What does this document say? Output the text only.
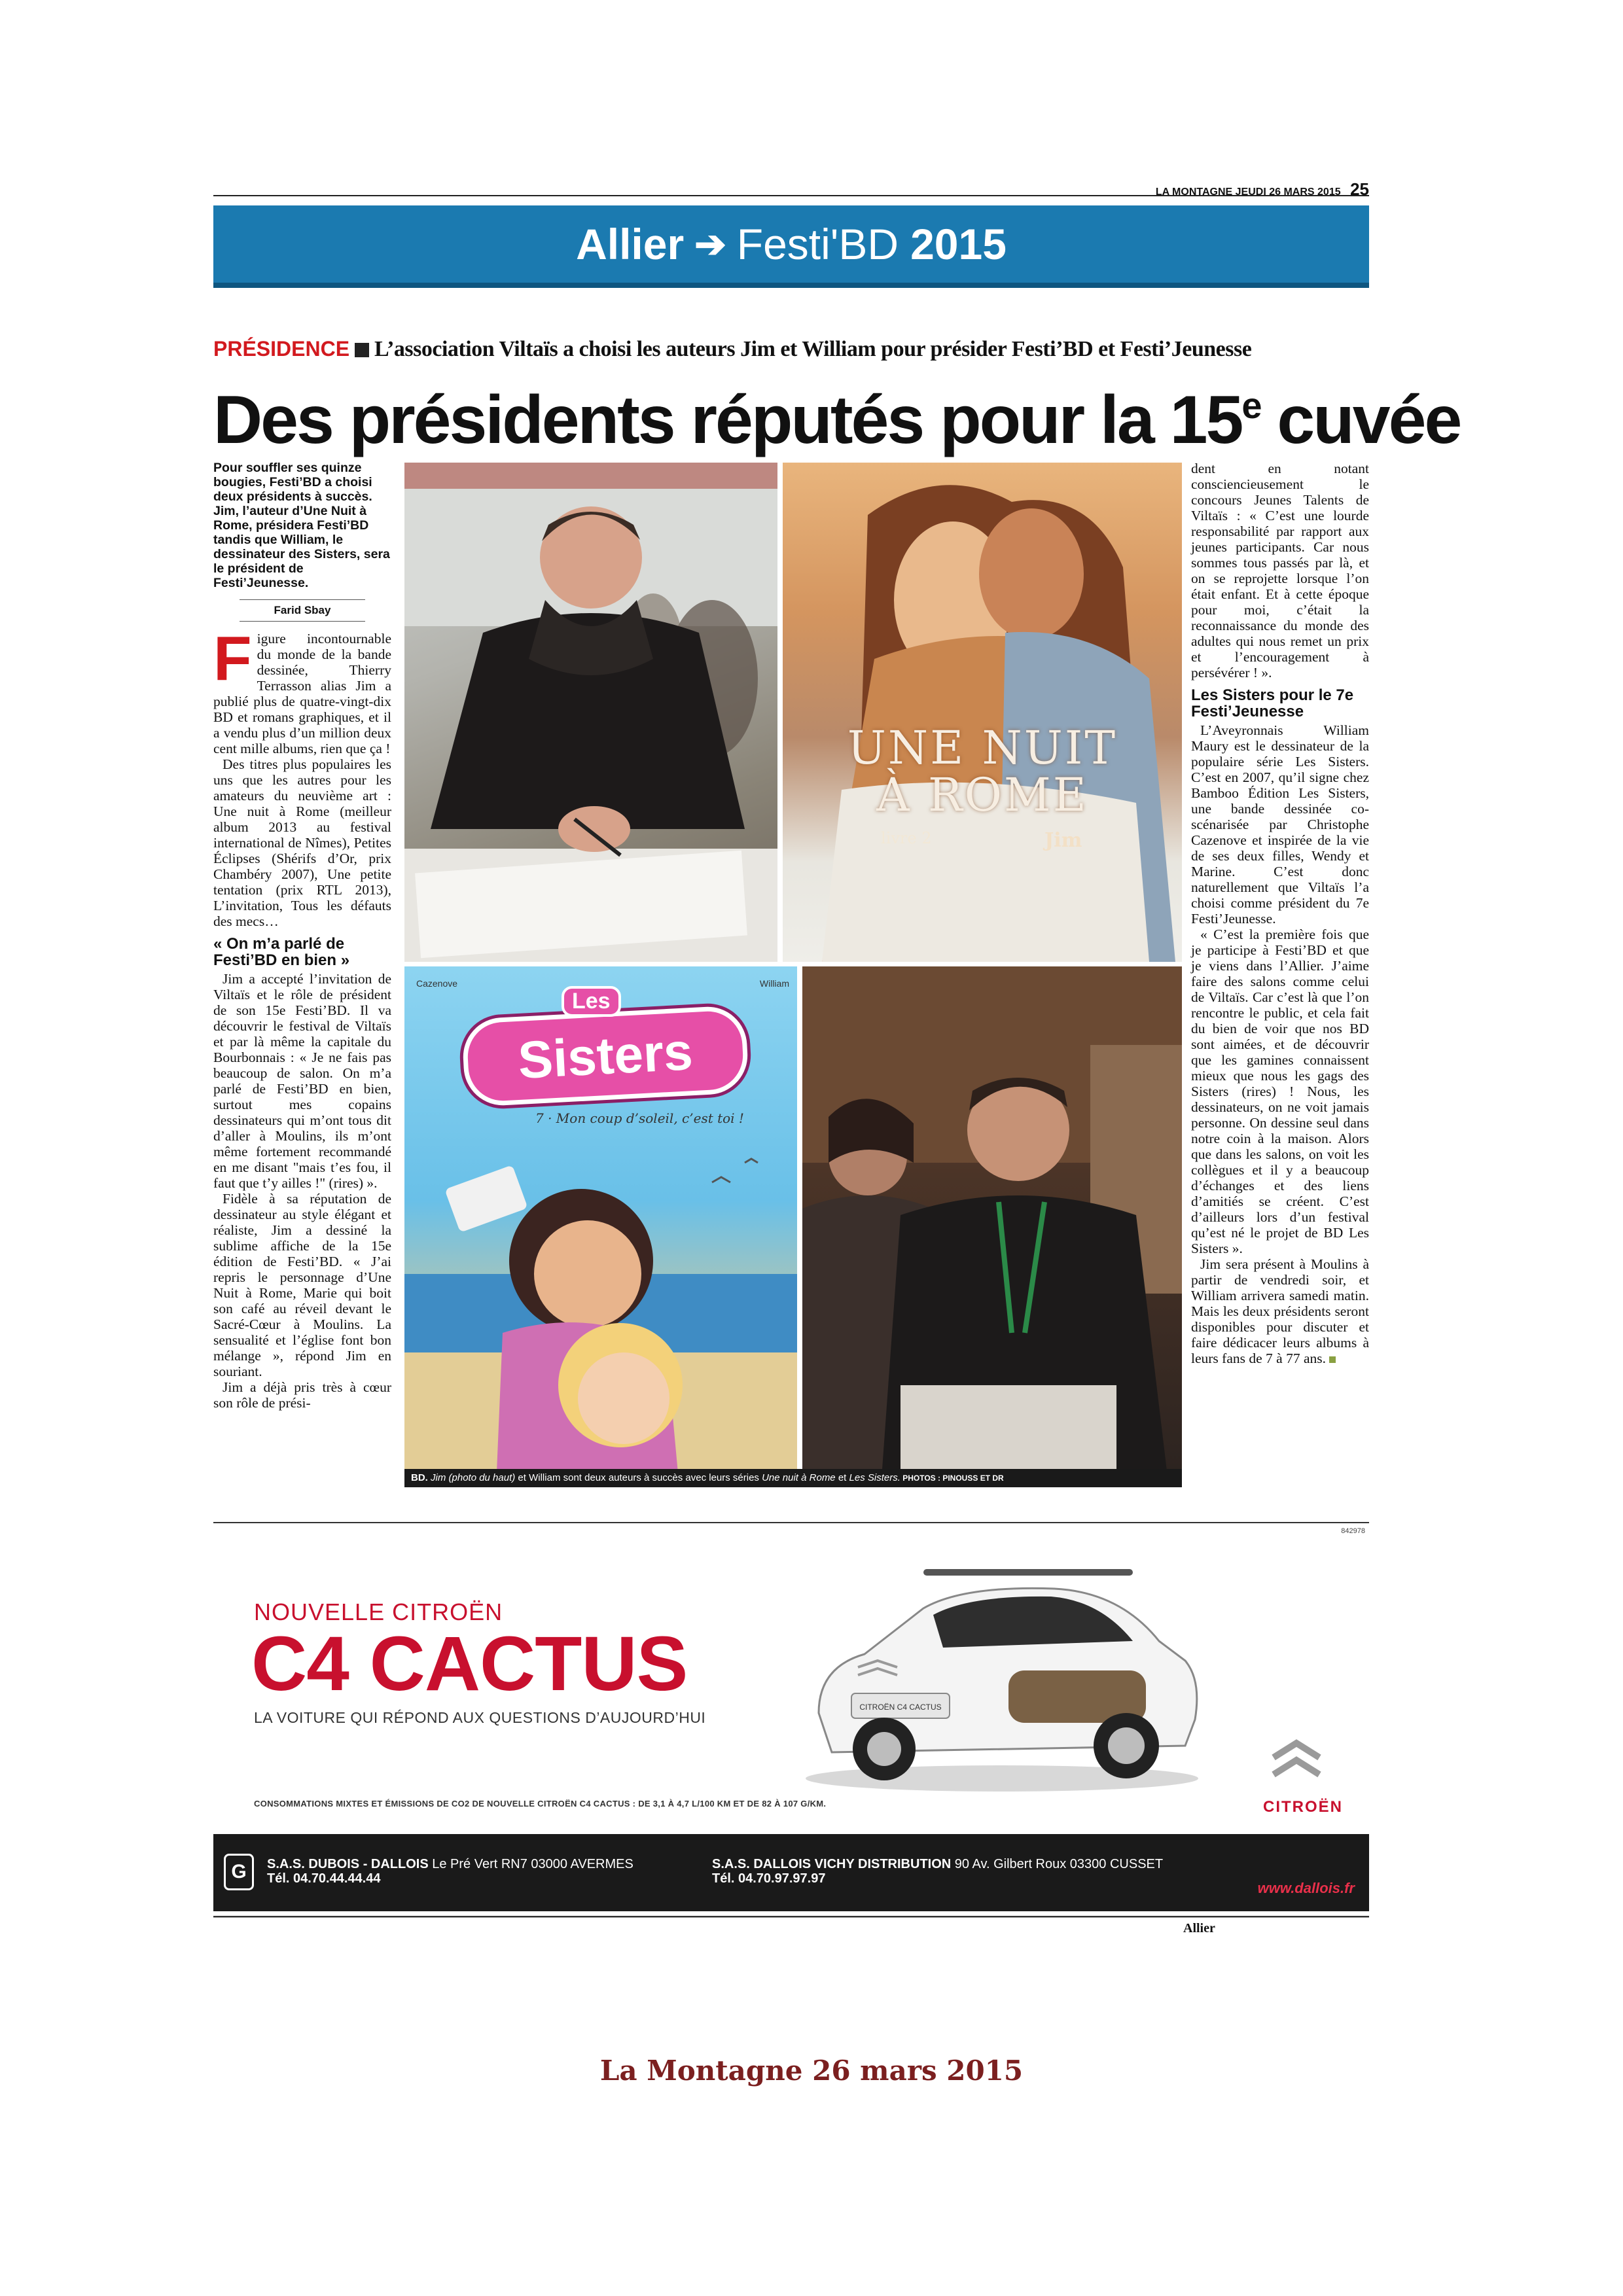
LA MONTAGNE JEUDI 26 MARS 2015 25
Allier ➔ Festi'BD 2015
PRÉSIDENCE L’association Viltaïs a choisi les auteurs Jim et William pour présider Festi’BD et Festi’Jeunesse
Des présidents réputés pour la 15e cuvée
Pour souffler ses quinze bougies, Festi’BD a choisi deux présidents à succès. Jim, l’auteur d’Une Nuit à Rome, présidera Festi’BD tandis que William, le dessinateur des Sisters, sera le président de Festi’Jeunesse.
Farid Sbay

Figure incontournable du monde de la bande dessinée, Thierry Terrasson alias Jim a publié plus de quatre-vingt-dix BD et romans graphiques, et il a vendu plus d’un million deux cent mille albums, rien que ça !

Des titres plus populaires les uns que les autres pour les amateurs du neuvième art : Une nuit à Rome (meilleur album 2013 au festival international de Nîmes), Petites Éclipses (Shérifs d’Or, prix Chambéry 2007), Une petite tentation (prix RTL 2013), L’invitation, Tous les défauts des mecs…

« On m’a parlé de Festi’BD en bien »

Jim a accepté l’invitation de Viltaïs et le rôle de président de son 15e Festi’BD. Il va découvrir le festival de Viltaïs et par là même la capitale du Bourbonnais : « Je ne fais pas beaucoup de salon. On m’a parlé de Festi’BD en bien, surtout mes copains dessinateurs qui m’ont tous dit d’aller à Moulins, ils m’ont même fortement recommandé en me disant "mais t’es fou, il faut que t’y ailles !" (rires) ».

Fidèle à sa réputation de dessinateur au style élégant et réaliste, Jim a dessiné la sublime affiche de la 15e édition de Festi’BD. « J’ai repris le personnage d’Une Nuit à Rome, Marie qui boit son café au réveil devant le Sacré-Cœur à Moulins. La sensualité et l’église font bon mélange », répond Jim en souriant.

Jim a déjà pris très à cœur son rôle de prési-

UNE NUIT
À ROME
livre 2	Jim
Cazenove	William
Sisters
Les
7 · Mon coup d’soleil, c’est toi !
BD. Jim (photo du haut) et William sont deux auteurs à succès avec leurs séries Une nuit à Rome et Les Sisters. PHOTOS : PINOUSS ET DR

dent en notant consciencieusement le concours Jeunes Talents de Viltaïs : « C’est une lourde responsabilité par rapport aux jeunes participants. Car nous sommes tous passés par là, et on se reprojette lorsque l’on était enfant. Et à cette époque pour moi, c’était la reconnaissance du monde des adultes qui nous remet un prix et l’encouragement à persévérer ! ».

Les Sisters pour le 7e Festi’Jeunesse

L’Aveyronnais William Maury est le dessinateur de la populaire série Les Sisters. C’est en 2007, qu’il signe chez Bamboo Édition Les Sisters, une bande dessinée co-scénarisée par Christophe Cazenove et inspirée de la vie de ses deux filles, Wendy et Marine. C’est donc naturellement que Viltaïs l’a choisi comme président du 7e Festi’Jeunesse.

« C’est la première fois que je participe à Festi’BD et que je viens dans l’Allier. J’aime faire des salons comme celui de Viltaïs. Car c’est là que l’on rencontre le public, et cela fait du bien de voir que nos BD sont aimées, et de découvrir que les gamines connaissent mieux que nous les gags des Sisters (rires) ! Nous, les dessinateurs, on ne voit jamais personne. On dessine seul dans notre coin à la maison. Alors que dans les salons, on voit les collègues et il y a beaucoup d’échanges et des liens d’amitiés se créent. C’est d’ailleurs lors d’un festival qu’est né le projet de BD Les Sisters ».

Jim sera présent à Moulins à partir de vendredi soir, et William arrivera samedi matin. Mais les deux présidents seront disponibles pour discuter et faire dédicacer leurs albums à leurs fans de 7 à 77 ans.

842978
NOUVELLE CITROËN
C4 CACTUS
LA VOITURE QUI RÉPOND AUX QUESTIONS D’AUJOURD’HUI
CITROËN C4 CACTUS
CITROËN
CONSOMMATIONS MIXTES ET ÉMISSIONS DE CO2 DE NOUVELLE CITROËN C4 CACTUS : DE 3,1 À 4,7 L/100 KM ET DE 82 À 107 G/KM.
G	S.A.S. DUBOIS - DALLOIS Le Pré Vert RN7 03000 AVERMES
Tél. 04.70.44.44.44
S.A.S. DALLOIS VICHY DISTRIBUTION 90 Av. Gilbert Roux 03300 CUSSET
Tél. 04.70.97.97.97
www.dallois.fr
Allier
La Montagne 26 mars 2015
